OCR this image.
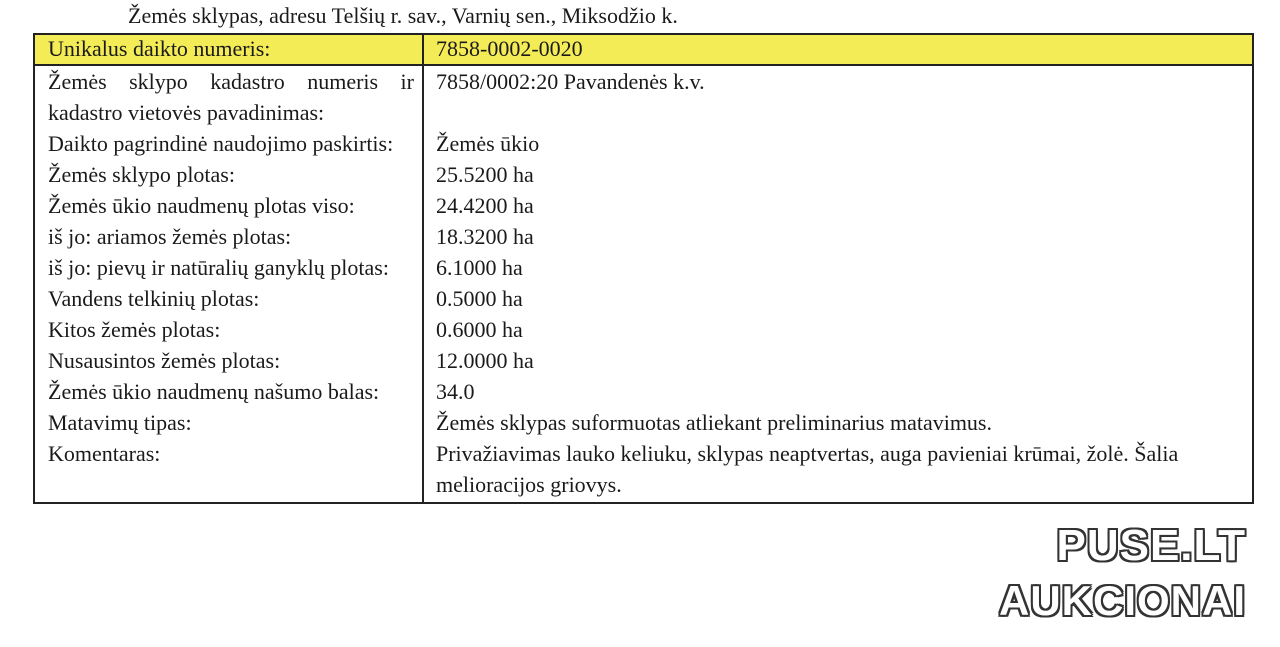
Žemės sklypas, adresu Telšių r. sav., Varnių sen., Miksodžio k.
Unikalus daikto numeris:	7858-0002-0020
Žemės sklypo kadastro numeris ir kadastro vietovės pavadinimas:	7858/0002:20 Pavandenės k.v.
Daikto pagrindinė naudojimo paskirtis:	Žemės ūkio
Žemės sklypo plotas:	25.5200 ha
Žemės ūkio naudmenų plotas viso:	24.4200 ha
iš jo: ariamos žemės plotas:	18.3200 ha
iš jo: pievų ir natūralių ganyklų plotas:	6.1000 ha
Vandens telkinių plotas:	0.5000 ha
Kitos žemės plotas:	0.6000 ha
Nusausintos žemės plotas:	12.0000 ha
Žemės ūkio naudmenų našumo balas:	34.0
Matavimų tipas:	Žemės sklypas suformuotas atliekant preliminarius matavimus.
Komentaras:	Privažiavimas lauko keliuku, sklypas neaptvertas, auga pavieniai krūmai, žolė. Šalia melioracijos griovys.
PUSE.LT
AUKCIONAI
